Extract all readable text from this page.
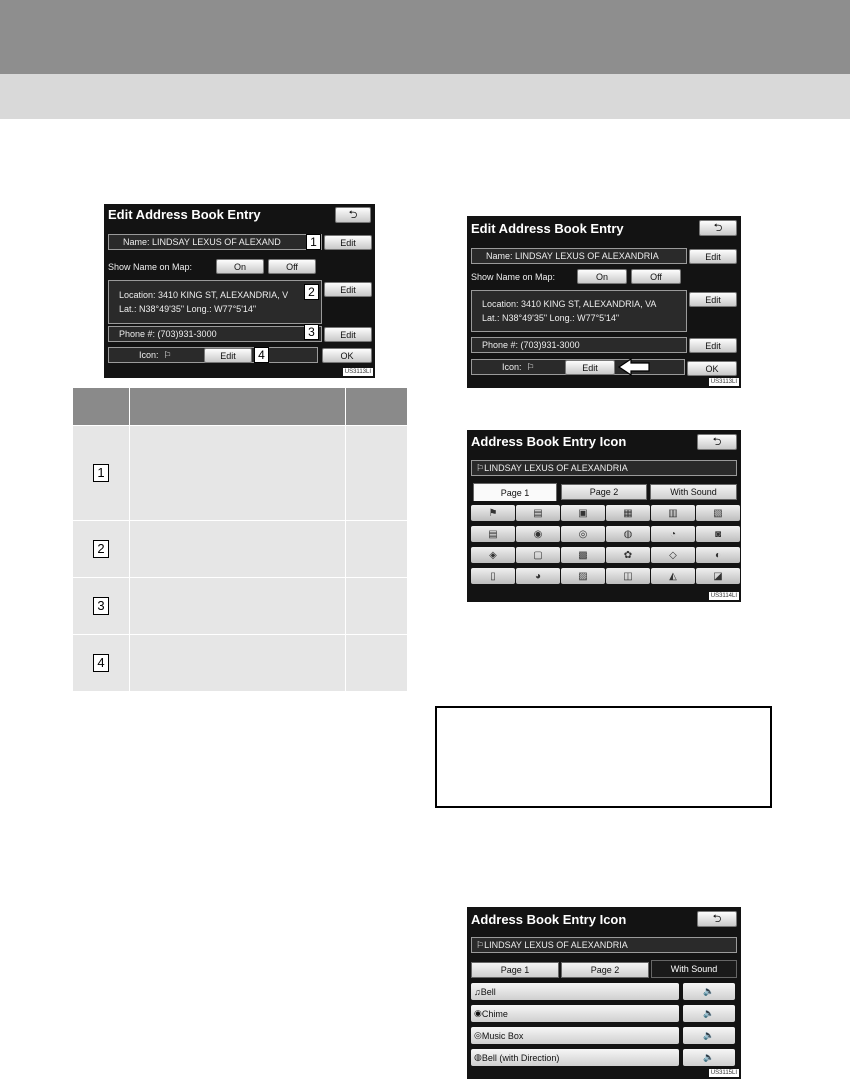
Edit Address Book Entry	⮌
Name:
LINDSAY LEXUS OF ALEXAND	1	Edit
Show Name on Map:	On	Off
Location: 3410 KING ST, ALEXANDRIA, V
Lat.: N38°49'35" Long.: W77°5'14"
2	Edit
Phone #: (703)931-3000	3	Edit
Icon:
⚐	Edit	4	OK
US3113LI

1		
2		
3		
4		
Edit Address Book Entry	⮌
Name:
LINDSAY LEXUS OF ALEXANDRIA	Edit
Show Name on Map:	On	Off
Location: 3410 KING ST, ALEXANDRIA, VA
Lat.: N38°49'35" Long.: W77°5'14"
Edit
Phone #: (703)931-3000	Edit
Icon:
⚐	Edit	OK
US3113LI
Address Book Entry Icon	⮌
⚐ LINDSAY LEXUS OF ALEXANDRIA
Page 1	Page 2	With Sound
⚑	▤	▣	▦	▥	▧
▤	◉	◎	◍	◔	◙
◈	▢	▩	✿	◇	◐
▯	◕	▨	◫	◭	◪
US3114LI
Address Book Entry Icon	⮌
⚐ LINDSAY LEXUS OF ALEXANDRIA
Page 1	Page 2	With Sound
♫ Bell	🔈
◉ Chime	🔈
◎ Music Box	🔈
◍ Bell (with Direction)	🔈
US3115LI
